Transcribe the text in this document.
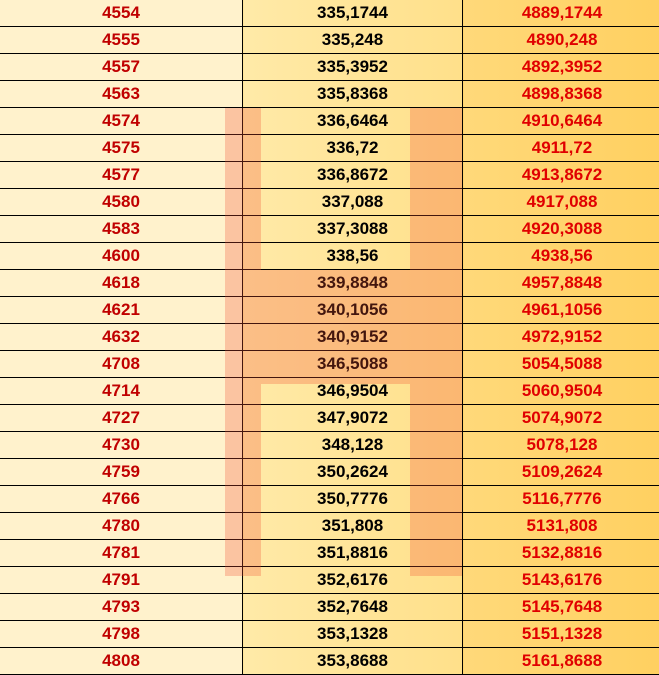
4554	335,1744	4889,1744
4555	335,248	4890,248
4557	335,3952	4892,3952
4563	335,8368	4898,8368
4574	336,6464	4910,6464
4575	336,72	4911,72
4577	336,8672	4913,8672
4580	337,088	4917,088
4583	337,3088	4920,3088
4600	338,56	4938,56
4618	339,8848	4957,8848
4621	340,1056	4961,1056
4632	340,9152	4972,9152
4708	346,5088	5054,5088
4714	346,9504	5060,9504
4727	347,9072	5074,9072
4730	348,128	5078,128
4759	350,2624	5109,2624
4766	350,7776	5116,7776
4780	351,808	5131,808
4781	351,8816	5132,8816
4791	352,6176	5143,6176
4793	352,7648	5145,7648
4798	353,1328	5151,1328
4808	353,8688	5161,8688
